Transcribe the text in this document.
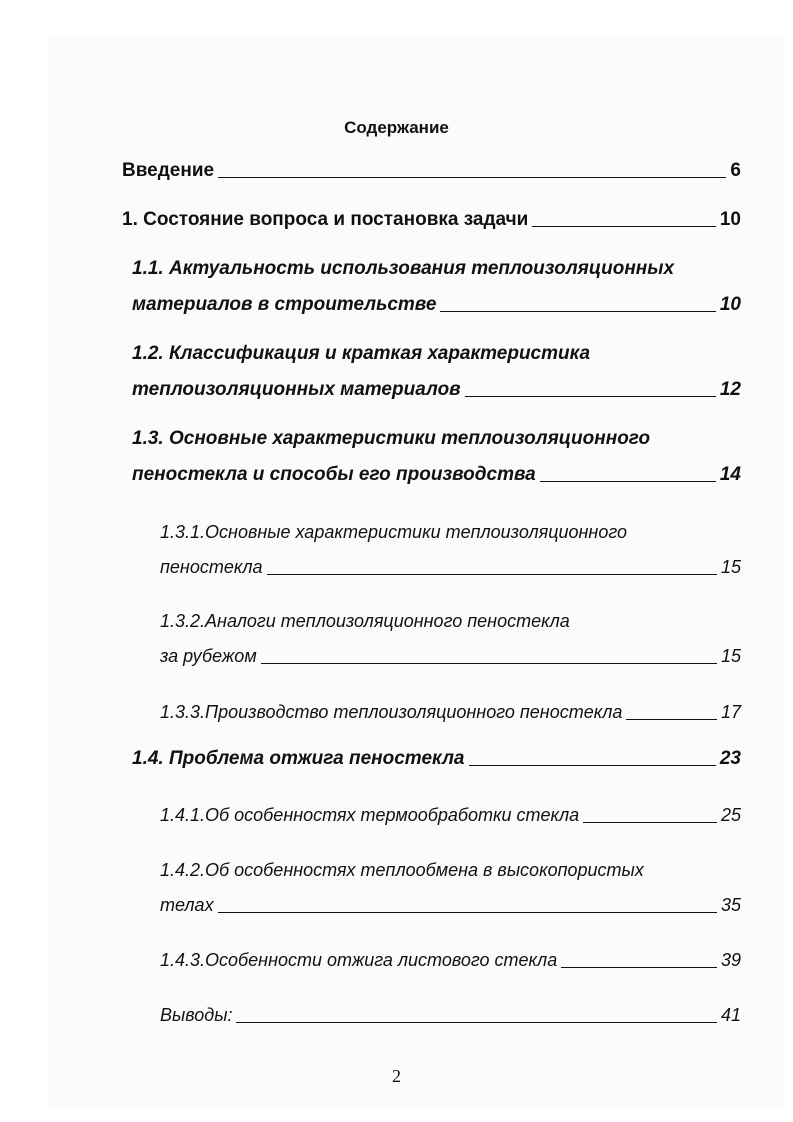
Содержание
Введение	6
1. Состояние вопроса и постановка задачи	10
1.1. Актуальность использования теплоизоляционных
материалов в строительстве	10
1.2. Классификация и краткая характеристика
теплоизоляционных материалов	12
1.3. Основные характеристики теплоизоляционного
пеностекла и способы его производства	14
1.3.1.Основные характеристики теплоизоляционного
пеностекла	15
1.3.2.Аналоги теплоизоляционного пеностекла
за рубежом	15
1.3.3.Производство теплоизоляционного пеностекла	17
1.4. Проблема отжига пеностекла	23
1.4.1.Об особенностях термообработки стекла	25
1.4.2.Об особенностях теплообмена в высокопористых
телах	35
1.4.3.Особенности отжига листового стекла	39
Выводы:	41
2
